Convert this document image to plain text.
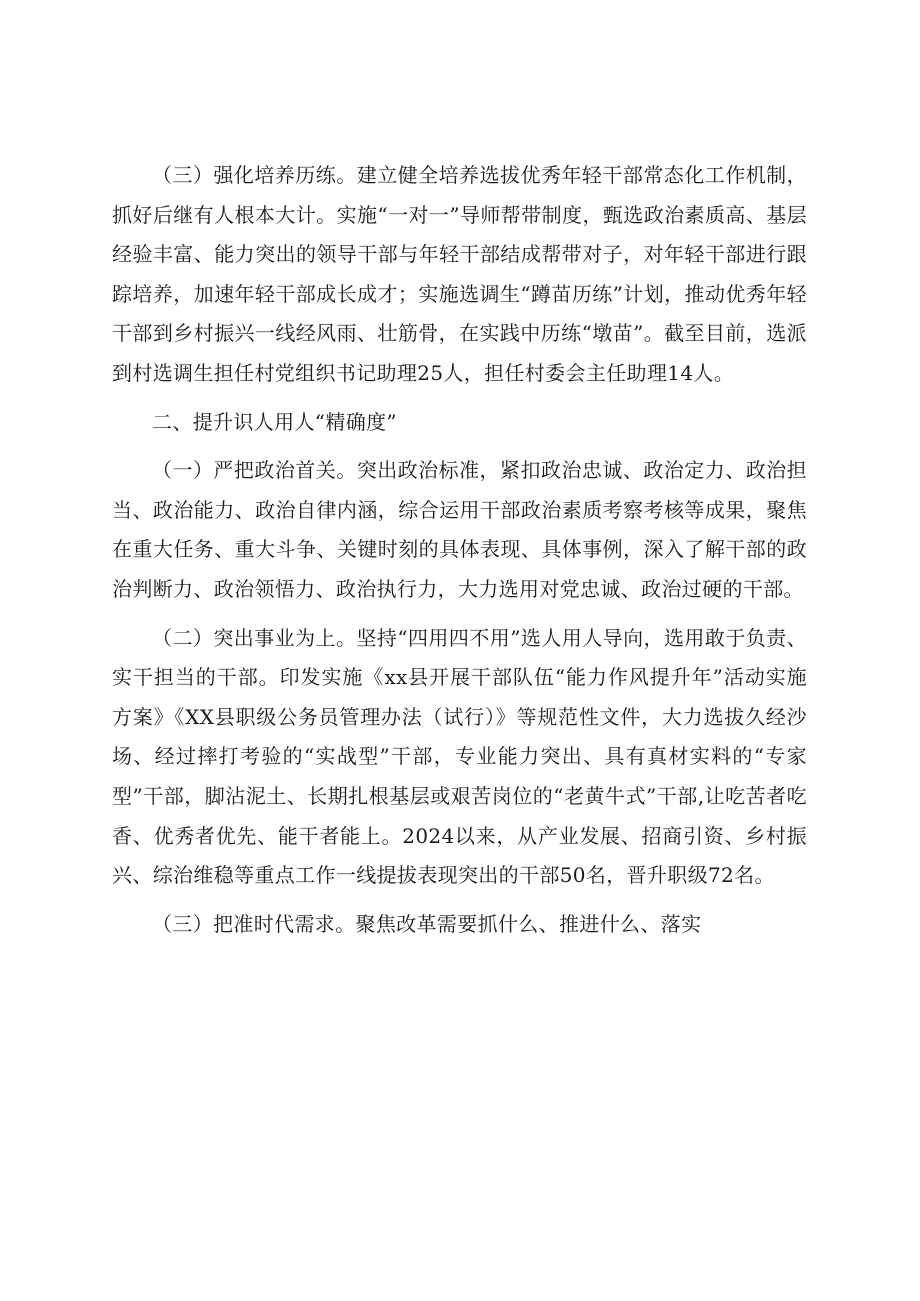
（三）强化培养历练。建立健全培养选拔优秀年轻干部常态化工作机制，抓好后继有人根本大计。实施“一对一”导师帮带制度，甄选政治素质高、基层经验丰富、能力突出的领导干部与年轻干部结成帮带对子，对年轻干部进行跟踪培养，加速年轻干部成长成才；实施选调生“蹲苗历练”计划，推动优秀年轻干部到乡村振兴一线经风雨、壮筋骨，在实践中历练“墩苗”。截至目前，选派到村选调生担任村党组织书记助理25人，担任村委会主任助理14人。

二、提升识人用人“精确度”

（一）严把政治首关。突出政治标准，紧扣政治忠诚、政治定力、政治担当、政治能力、政治自律内涵，综合运用干部政治素质考察考核等成果，聚焦在重大任务、重大斗争、关键时刻的具体表现、具体事例，深入了解干部的政治判断力、政治领悟力、政治执行力，大力选用对党忠诚、政治过硬的干部。

（二）突出事业为上。坚持“四用四不用”选人用人导向，选用敢于负责、实干担当的干部。印发实施《xx县开展干部队伍“能力作风提升年”活动实施方案》《XX县职级公务员管理办法（试行）》等规范性文件，大力选拔久经沙场、经过摔打考验的“实战型”干部，专业能力突出、具有真材实料的“专家型”干部，脚沾泥土、长期扎根基层或艰苦岗位的“老黄牛式”干部,让吃苦者吃香、优秀者优先、能干者能上。2024以来，从产业发展、招商引资、乡村振兴、综治维稳等重点工作一线提拔表现突出的干部50名，晋升职级72名。

（三）把准时代需求。聚焦改革需要抓什么、推进什么、落实
